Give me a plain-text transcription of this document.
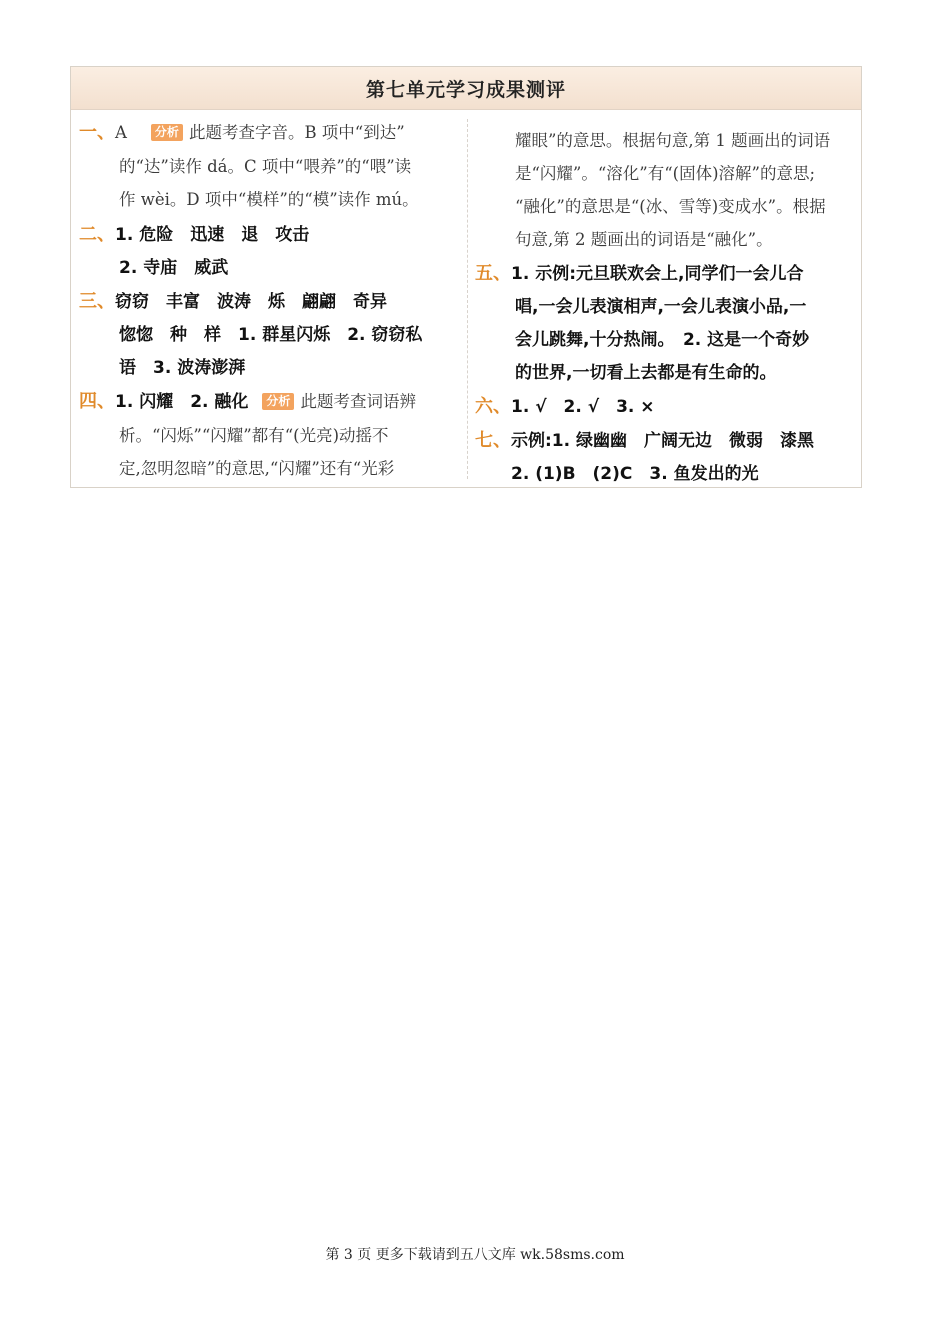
第七单元学习成果测评
一、A 分析 此题考查字音。B 项中“到达”
的“达”读作 dá。C 项中“喂养”的“喂”读
作 wèi。D 项中“模样”的“模”读作 mú。
二、1. 危险　迅速　退　攻击
2. 寺庙　威武
三、窃窃　丰富　波涛　烁　翩翩　奇异
惚惚　种　样　1. 群星闪烁　2. 窃窃私
语　3. 波涛澎湃
四、1. 闪耀　2. 融化 分析 此题考查词语辨
析。“闪烁”“闪耀”都有“(光亮)动摇不
定,忽明忽暗”的意思,“闪耀”还有“光彩
耀眼”的意思。根据句意,第 1 题画出的词语
是“闪耀”。“溶化”有“(固体)溶解”的意思;
“融化”的意思是“(冰、雪等)变成水”。根据
句意,第 2 题画出的词语是“融化”。
五、1. 示例:元旦联欢会上,同学们一会儿合
唱,一会儿表演相声,一会儿表演小品,一
会儿跳舞,十分热闹。　2. 这是一个奇妙
的世界,一切看上去都是有生命的。
六、1. √　2. √　3. ×
七、示例:1. 绿幽幽　广阔无边　微弱　漆黑
2. (1)B　(2)C　3. 鱼发出的光
第 3 页 更多下载请到五八文库 wk.58sms.com
